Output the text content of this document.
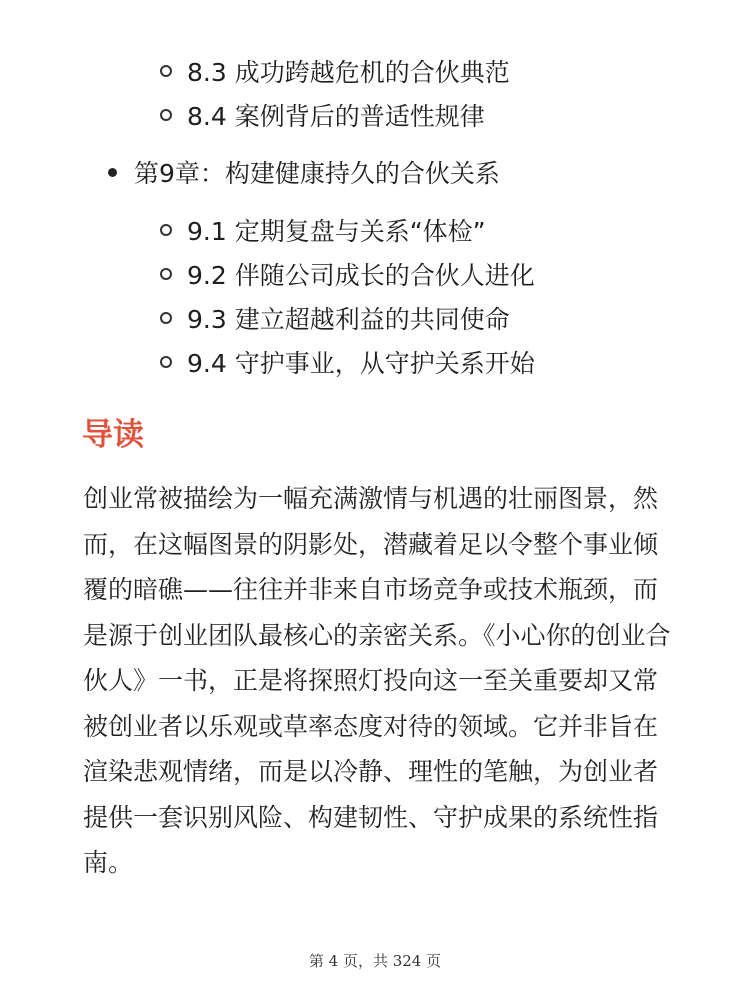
8.3 成功跨越危机的合伙典范
8.4 案例背后的普适性规律
第9章：构建健康持久的合伙关系
9.1 定期复盘与关系“体检”
9.2 伴随公司成长的合伙人进化
9.3 建立超越利益的共同使命
9.4 守护事业，从守护关系开始
导读

创业常被描绘为一幅充满激情与机遇的壮丽图景，然而，在这幅图景的阴影处，潜藏着足以令整个事业倾覆的暗礁——往往并非来自市场竞争或技术瓶颈，而是源于创业团队最核心的亲密关系。《小心你的创业合伙人》一书，正是将探照灯投向这一至关重要却又常被创业者以乐观或草率态度对待的领域。它并非旨在渲染悲观情绪，而是以冷静、理性的笔触，为创业者提供一套识别风险、构建韧性、守护成果的系统性指南。

第 4 页，共 324 页
